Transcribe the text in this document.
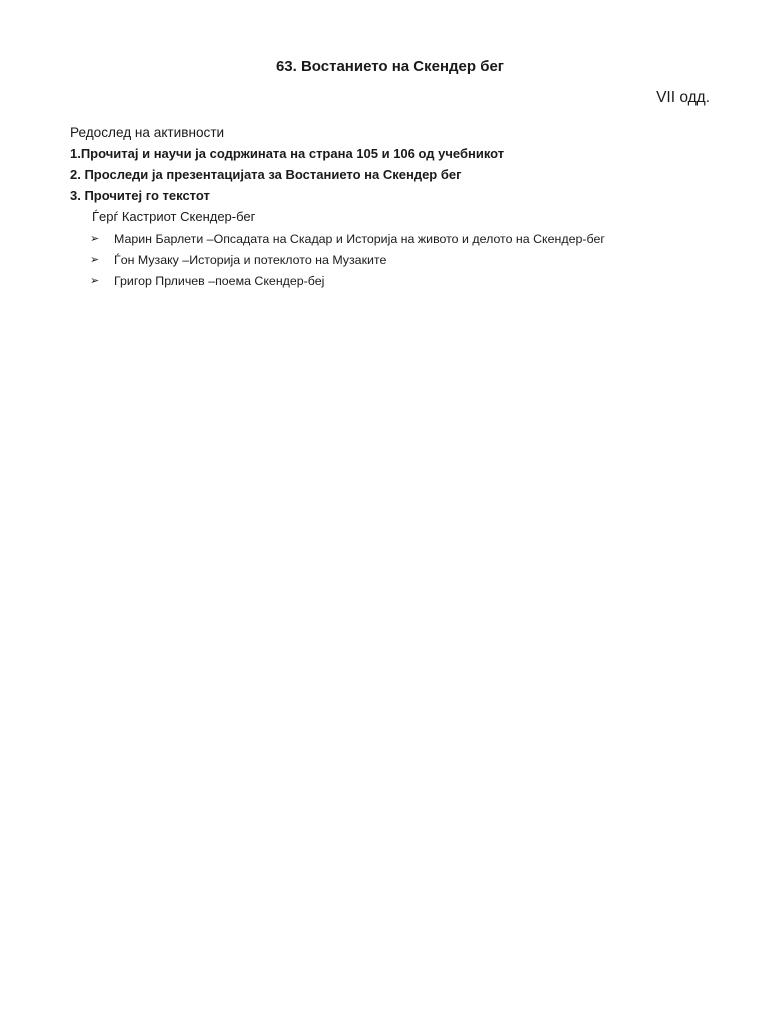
63. Востанието на Скендер бег

VII одд.

Редослед на активности

1.Прочитај и научи ја содржината на страна 105 и 106 од учебникот

2. Проследи ја презентацијата за Востанието на Скендер бег

3. Прочитеј го текстот

Ѓерѓ Кастриот Скендер-бег

➢	Марин Барлети –Опсадата на Скадар и Историја на живото и делото на Скендер-бег
➢	Ѓон Музаку –Историја и потеклото на Музаките
➢	Григор Прличев –поема Скендер-беј
